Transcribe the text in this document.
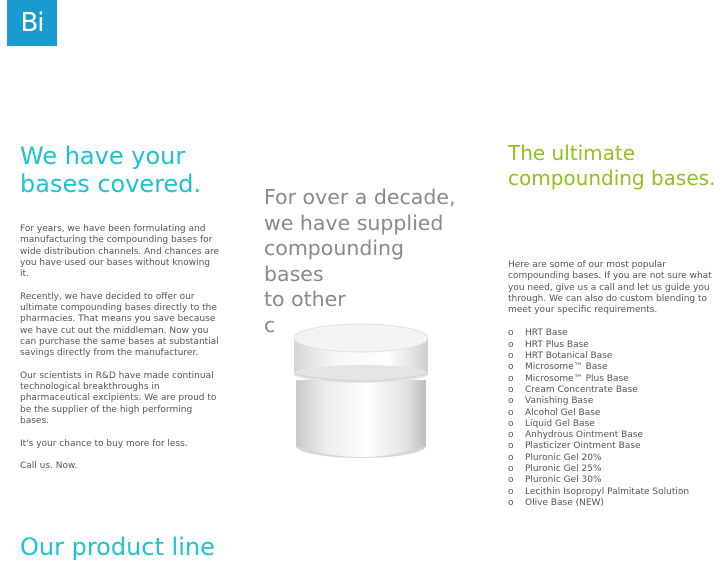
Bi
We have your
bases covered.

For years, we have been formulating and manufacturing the compounding bases for wide distribution channels. And chances are you have used our bases without knowing it.

Recently, we have decided to offer our ultimate compounding bases directly to the pharmacies. That means you save because we have cut out the middleman. Now you can purchase the same bases at substantial savings directly from the manufacturer.

Our scientists in R&D have made continual technological breakthroughs in pharmaceutical excipients. We are proud to be the supplier of the high performing bases.

It's your chance to buy more for less.

Call us. Now.

For over a decade,
we have supplied
compounding
bases
to other
c
The ultimate
compounding bases.

Here are some of our most popular compounding bases. If you are not sure what you need, give us a call and let us guide you through. We can also do custom blending to meet your specific requirements.

o HRT Base
o HRT Plus Base
o HRT Botanical Base
o Microsome™ Base
o Microsome™ Plus Base
o Cream Concentrate Base
o Vanishing Base
o Alcohol Gel Base
o Liquid Gel Base
o Anhydrous Ointment Base
o Plasticizer Ointment Base
o Pluronic Gel 20%
o Pluronic Gel 25%
o Pluronic Gel 30%
o Lecithin Isopropyl Palmitate Solution
o Olive Base (NEW)
Our product line
